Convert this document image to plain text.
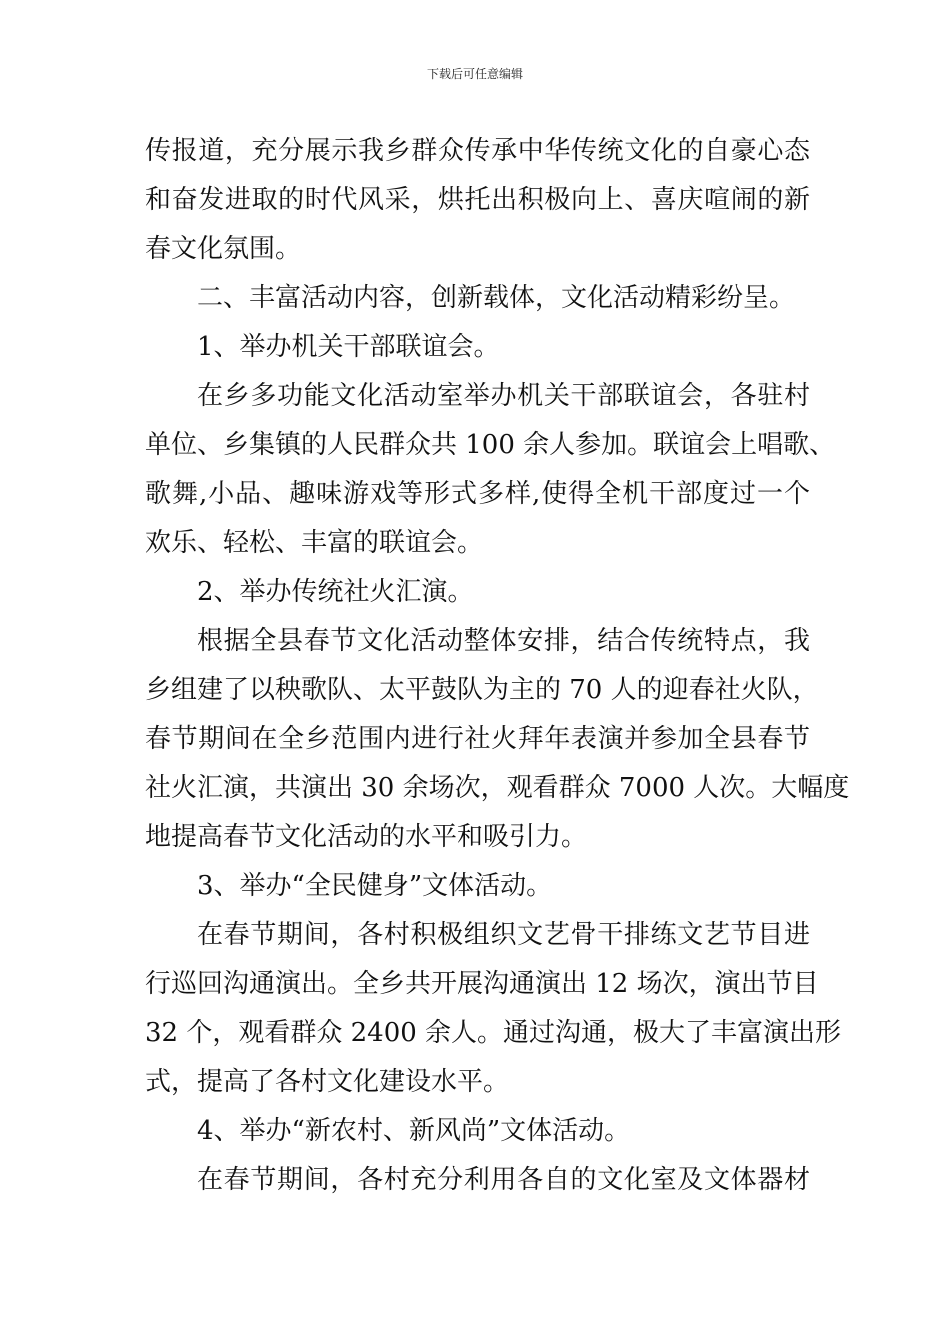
下载后可任意编辑
传报道，充分展示我乡群众传承中华传统文化的自豪心态
和奋发进取的时代风采，烘托出积极向上、喜庆喧闹的新
春文化氛围。
二、丰富活动内容，创新载体，文化活动精彩纷呈。
1、举办机关干部联谊会。
在乡多功能文化活动室举办机关干部联谊会，各驻村
单位、乡集镇的人民群众共 100 余人参加。联谊会上唱歌、
歌舞,小品、趣味游戏等形式多样,使得全机干部度过一个
欢乐、轻松、丰富的联谊会。
2、举办传统社火汇演。
根据全县春节文化活动整体安排，结合传统特点，我
乡组建了以秧歌队、太平鼓队为主的 70 人的迎春社火队，
春节期间在全乡范围内进行社火拜年表演并参加全县春节
社火汇演，共演出 30 余场次，观看群众 7000 人次。大幅度
地提高春节文化活动的水平和吸引力。
3、举办“全民健身”文体活动。
在春节期间，各村积极组织文艺骨干排练文艺节目进
行巡回沟通演出。全乡共开展沟通演出 12 场次，演出节目
32 个，观看群众 2400 余人。通过沟通，极大了丰富演出形
式，提高了各村文化建设水平。
4、举办“新农村、新风尚”文体活动。
在春节期间，各村充分利用各自的文化室及文体器材
